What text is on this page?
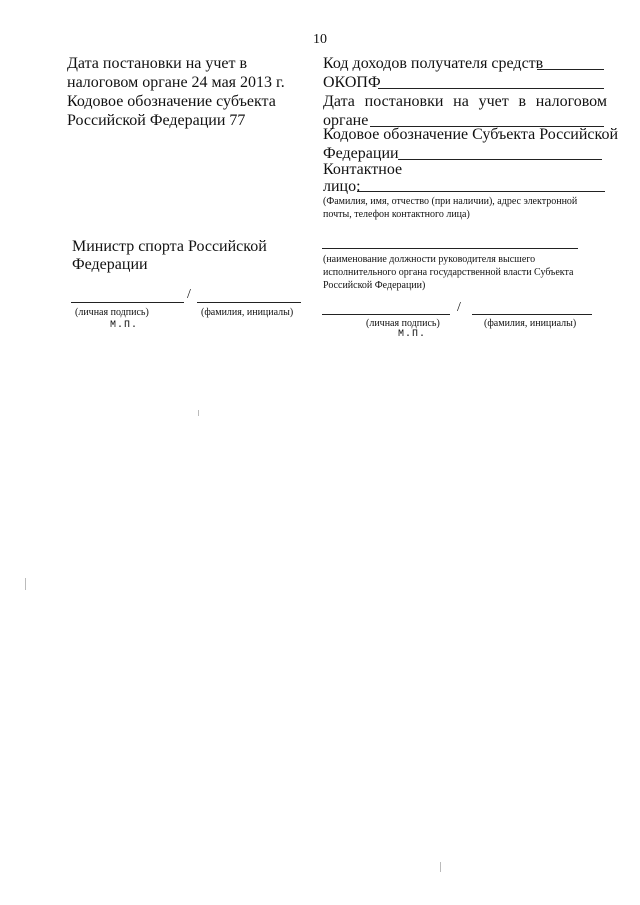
10
Дата постановки на учет в
налоговом органе 24 мая 2013 г.
Кодовое обозначение субъекта
Российской Федерации 77
Код доходов получателя средств
ОКОПФ
Дата постановки на учет в налоговом
органе
Кодовое обозначение Субъекта Российской
Федерации
Контактное
лицо:
(Фамилия, имя, отчество (при наличии), адрес электронной
почты, телефон контактного лица)
Министр спорта Российской
Федерации
/
(личная подпись)	(фамилия, инициалы)
М.П.
(наименование должности руководителя высшего
исполнительного органа государственной власти Субъекта
Российской Федерации)
/
(личная подпись)	(фамилия, инициалы)
М.П.
